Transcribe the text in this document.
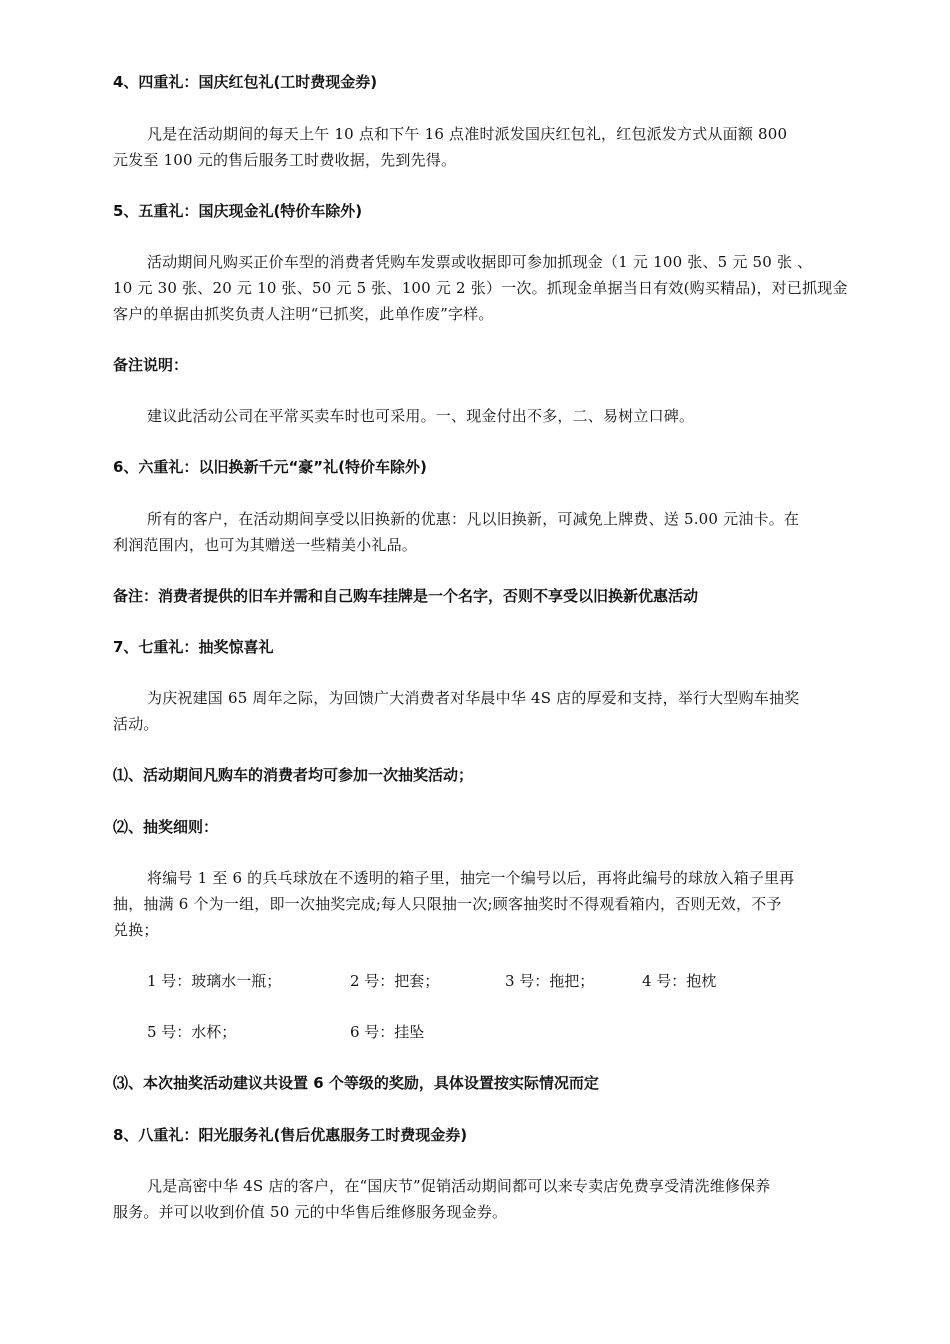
4、四重礼：国庆红包礼(工时费现金券)
凡是在活动期间的每天上午 10 点和下午 16 点准时派发国庆红包礼，红包派发方式从面额 800
元发至 100 元的售后服务工时费收据，先到先得。
5、五重礼：国庆现金礼(特价车除外)
活动期间凡购买正价车型的消费者凭购车发票或收据即可参加抓现金（1 元 100 张、5 元 50 张 、
10 元 30 张、20 元 10 张、50 元 5 张、100 元 2 张）一次。抓现金单据当日有效(购买精品)，对已抓现金
客户的单据由抓奖负责人注明“已抓奖，此单作废”字样。
备注说明：
建议此活动公司在平常买卖车时也可采用。一、现金付出不多，二、易树立口碑。
6、六重礼：以旧换新千元“豪”礼(特价车除外)
所有的客户，在活动期间享受以旧换新的优惠：凡以旧换新，可减免上牌费、送 5.00 元油卡。在
利润范围内，也可为其赠送一些精美小礼品。
备注：消费者提供的旧车并需和自己购车挂牌是一个名字，否则不享受以旧换新优惠活动
7、七重礼：抽奖惊喜礼
为庆祝建国 65 周年之际，为回馈广大消费者对华晨中华 4S 店的厚爱和支持，举行大型购车抽奖
活动。
⑴、活动期间凡购车的消费者均可参加一次抽奖活动；
⑵、抽奖细则：
将编号 1 至 6 的兵乓球放在不透明的箱子里，抽完一个编号以后，再将此编号的球放入箱子里再
抽，抽满 6 个为一组，即一次抽奖完成;每人只限抽一次;顾客抽奖时不得观看箱内，否则无效，不予
兑换；
1 号：玻璃水一瓶；	2 号：把套；	3 号：拖把；	4 号：抱枕
5 号：水杯；	6 号：挂坠
⑶、本次抽奖活动建议共设置 6 个等级的奖励，具体设置按实际情况而定
8、八重礼：阳光服务礼(售后优惠服务工时费现金券)
凡是高密中华 4S 店的客户，在“国庆节”促销活动期间都可以来专卖店免费享受清洗维修保养
服务。并可以收到价值 50 元的中华售后维修服务现金券。
